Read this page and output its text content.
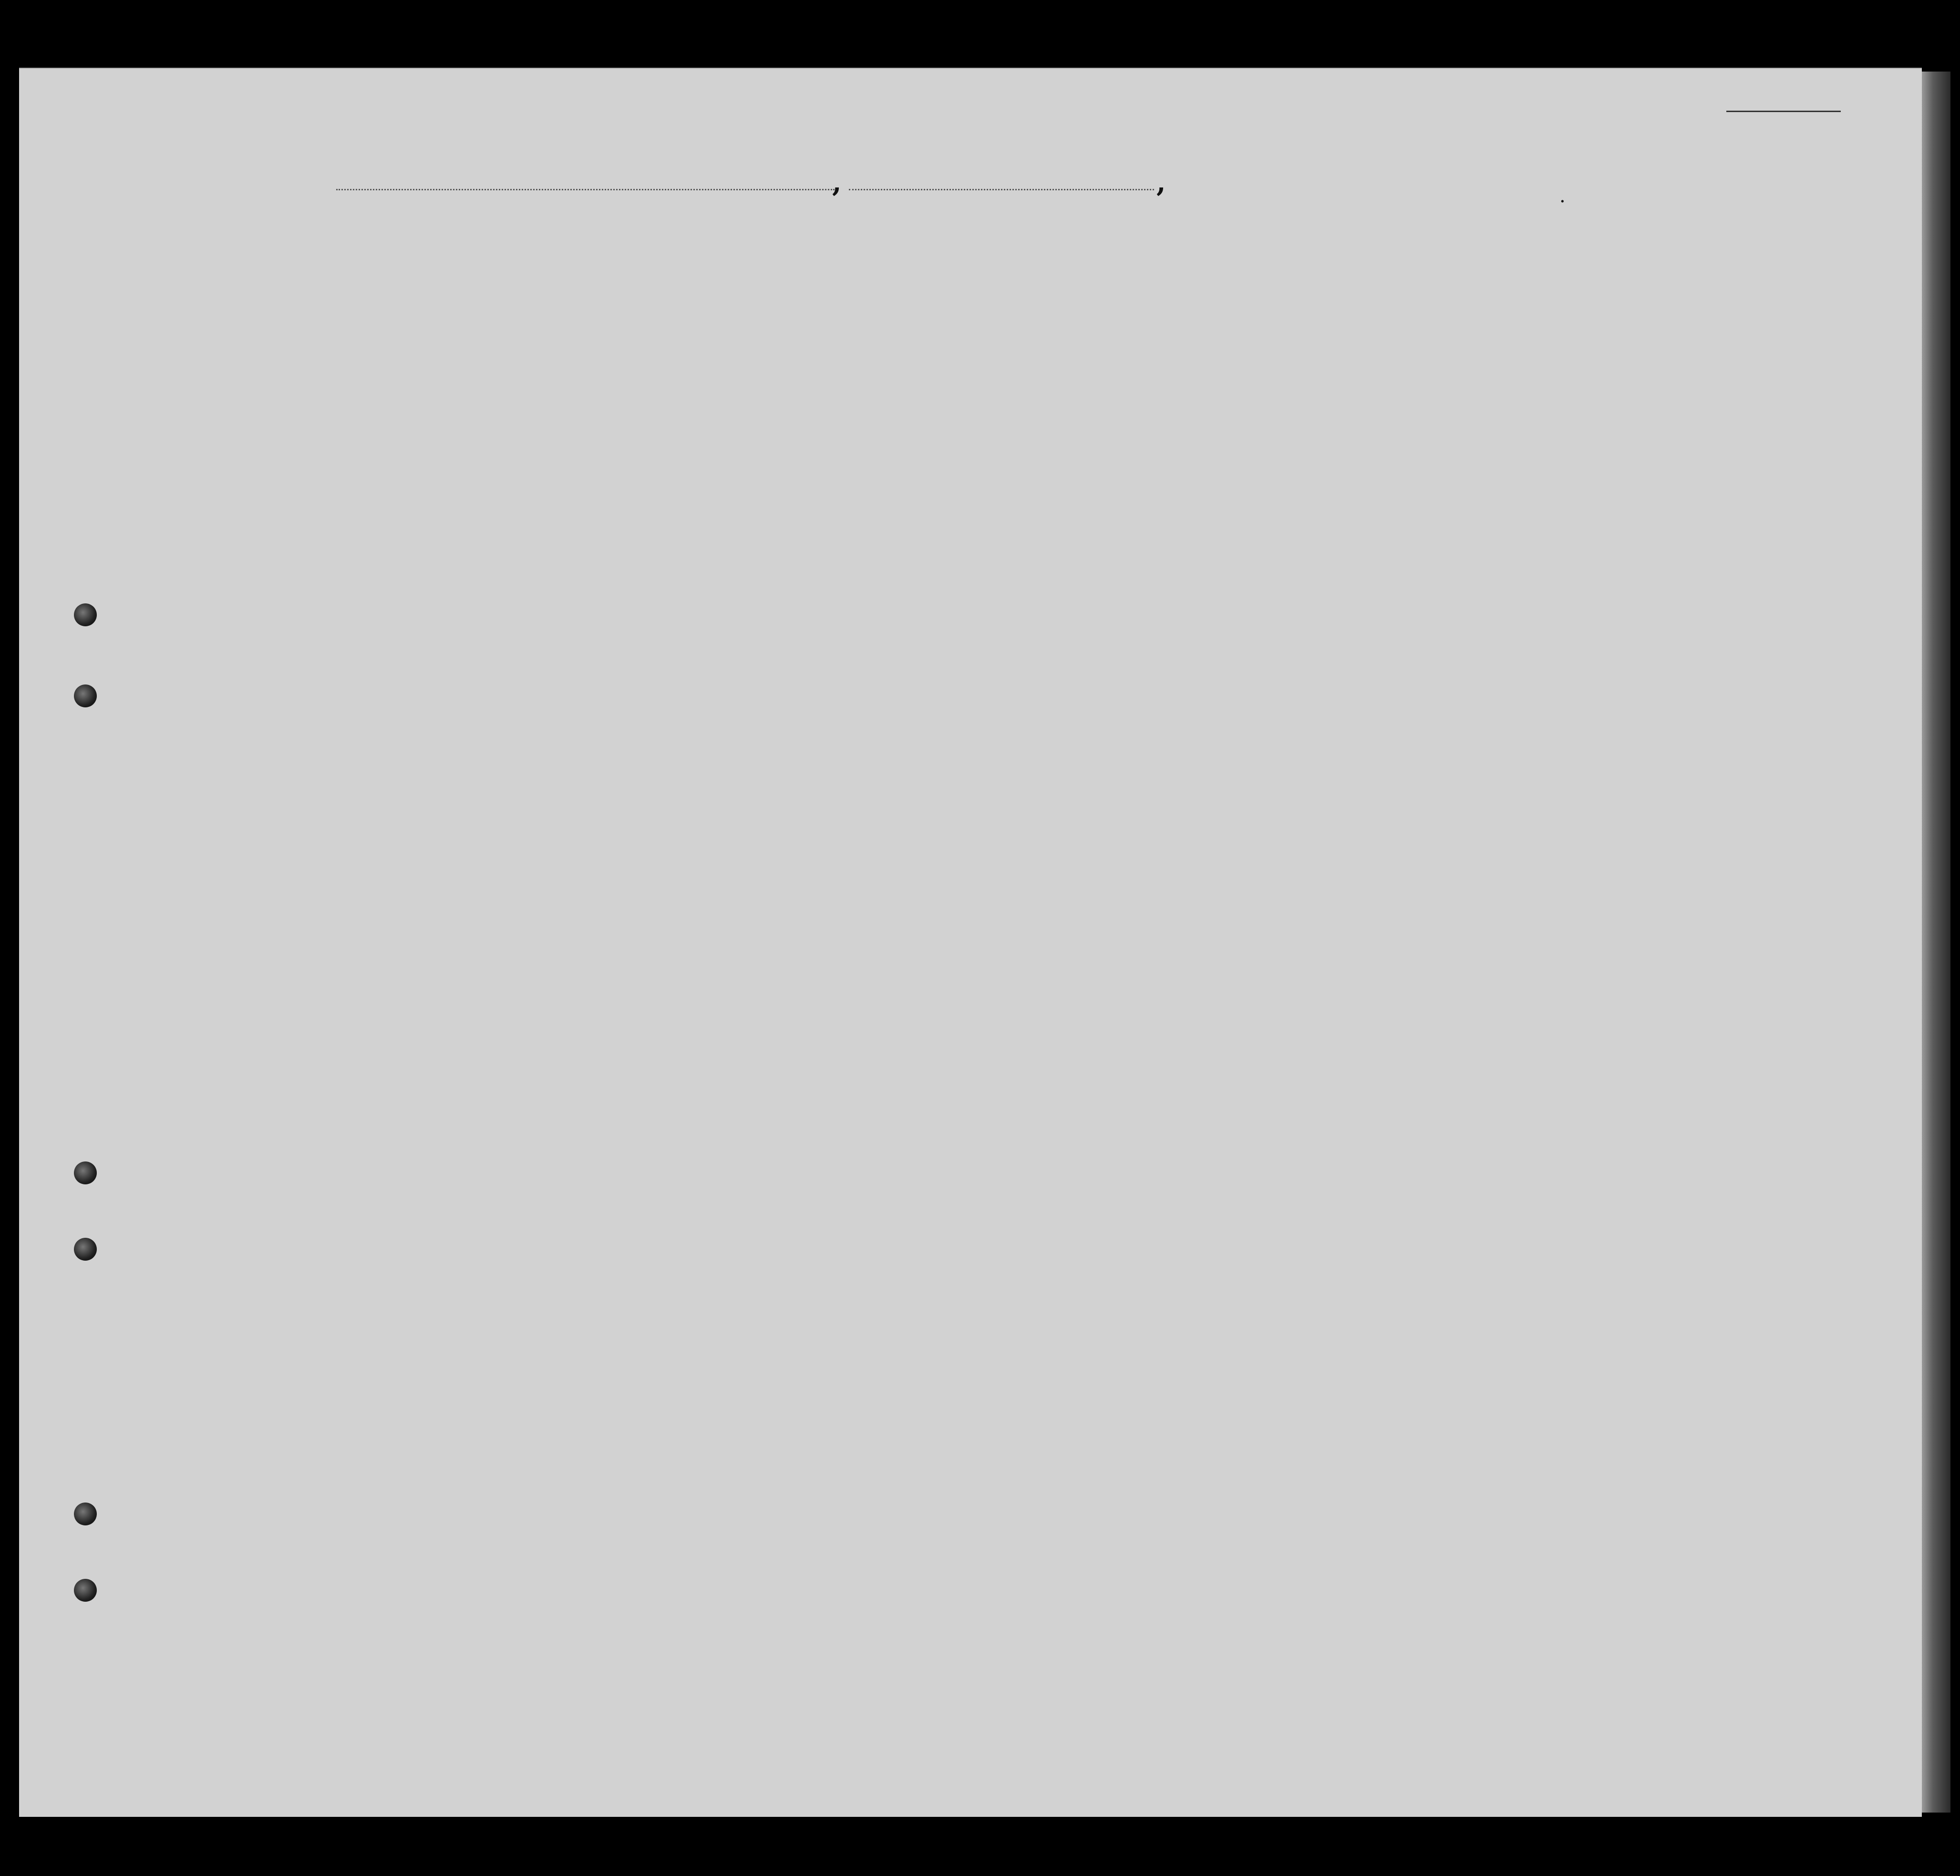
,	,
·
